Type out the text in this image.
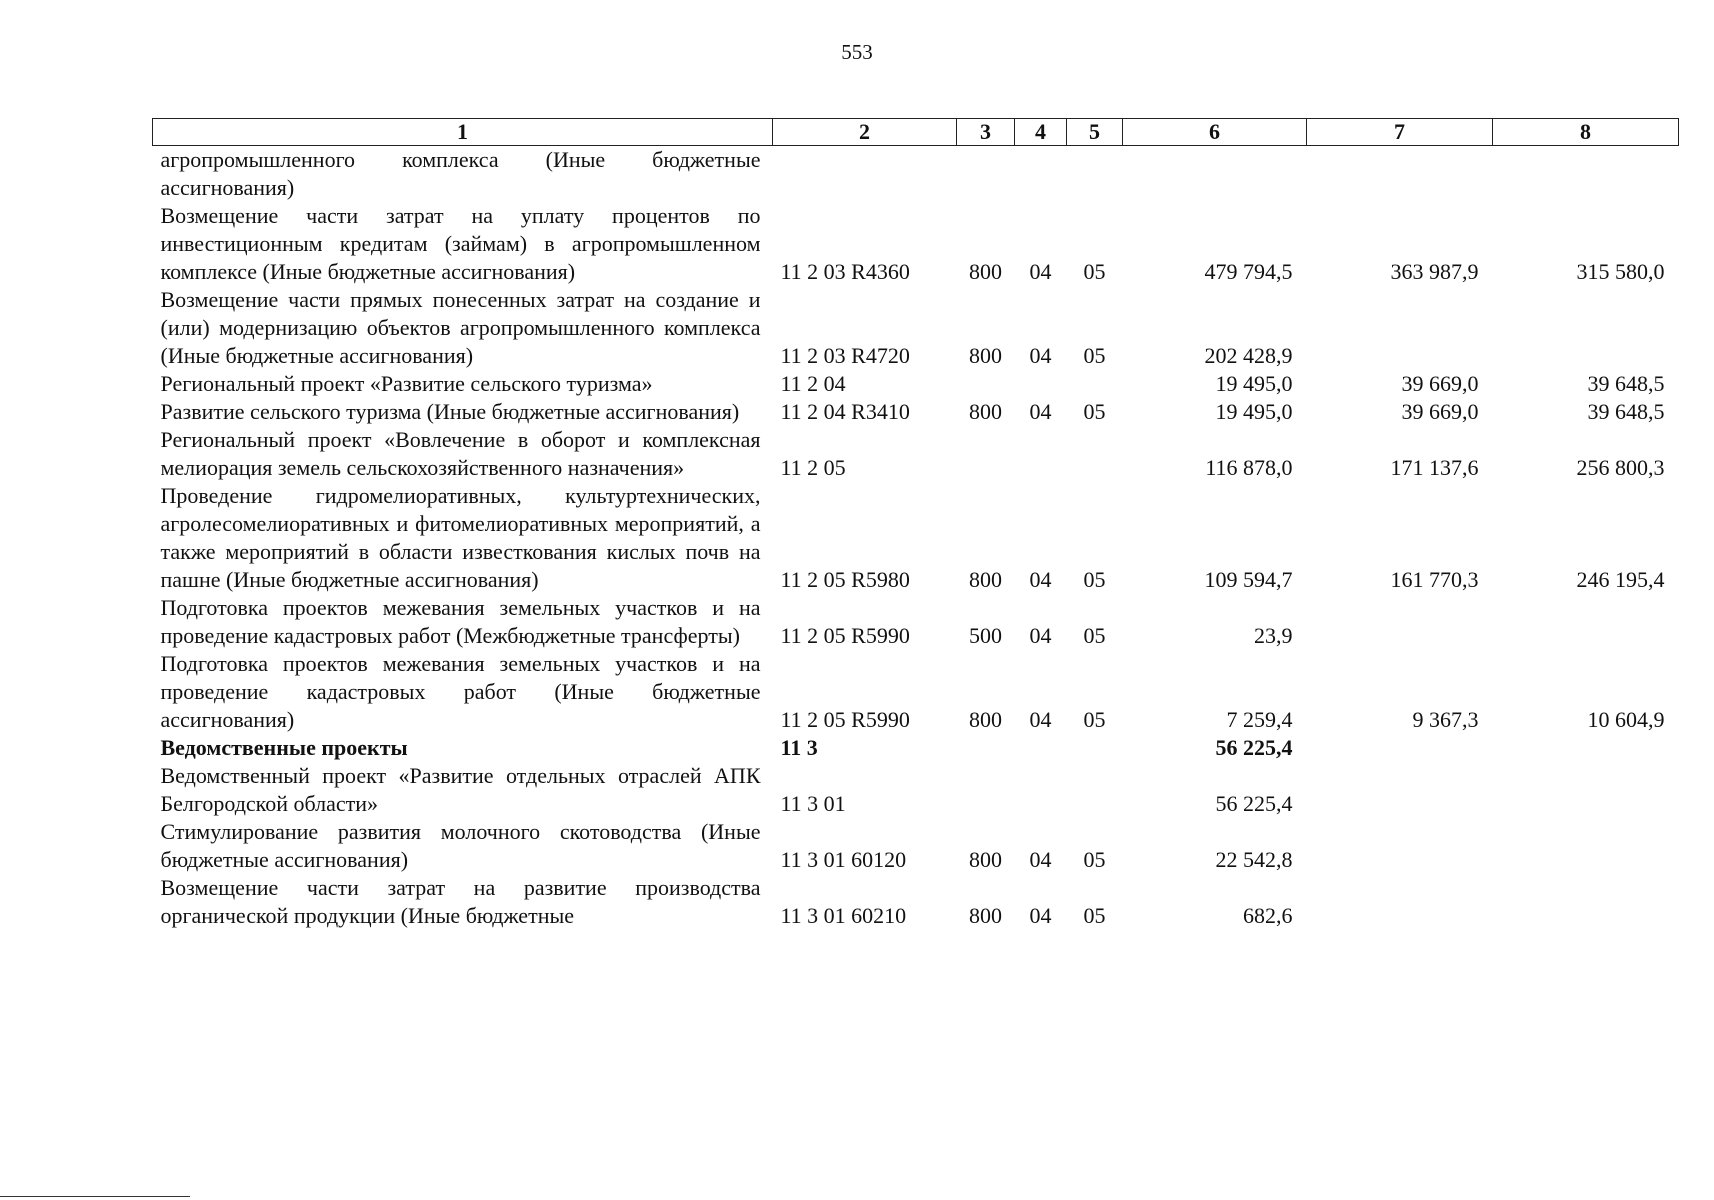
553
1	2	3	4	5	6	7	8
агропромышленного комплекса (Иные бюджетные ассигнования)							
Возмещение части затрат на уплату процентов по инвестиционным кредитам (займам) в агропромышленном комплексе (Иные бюджетные ассигнования)	11 2 03 R4360	800	04	05	479 794,5	363 987,9	315 580,0
Возмещение части прямых понесенных затрат на создание и (или) модернизацию объектов агропромышленного комплекса (Иные бюджетные ассигнования)	11 2 03 R4720	800	04	05	202 428,9		
Региональный проект «Развитие сельского туризма»	11 2 04				19 495,0	39 669,0	39 648,5
Развитие сельского туризма (Иные бюджетные ассигнования)	11 2 04 R3410	800	04	05	19 495,0	39 669,0	39 648,5
Региональный проект «Вовлечение в оборот и комплексная мелиорация земель сельскохозяйственного назначения»	11 2 05				116 878,0	171 137,6	256 800,3
Проведение гидромелиоративных, культуртехнических, агролесомелиоративных и фитомелиоративных мероприятий, а также мероприятий в области известкования кислых почв на пашне (Иные бюджетные ассигнования)	11 2 05 R5980	800	04	05	109 594,7	161 770,3	246 195,4
Подготовка проектов межевания земельных участков и на проведение кадастровых работ (Межбюджетные трансферты)	11 2 05 R5990	500	04	05	23,9		
Подготовка проектов межевания земельных участков и на проведение кадастровых работ (Иные бюджетные ассигнования)	11 2 05 R5990	800	04	05	7 259,4	9 367,3	10 604,9
Ведомственные проекты	11 3				56 225,4		
Ведомственный проект «Развитие отдельных отраслей АПК Белгородской области»	11 3 01				56 225,4		
Стимулирование развития молочного скотоводства (Иные бюджетные ассигнования)	11 3 01 60120	800	04	05	22 542,8		
Возмещение части затрат на развитие производства органической продукции (Иные бюджетные	11 3 01 60210	800	04	05	682,6		
